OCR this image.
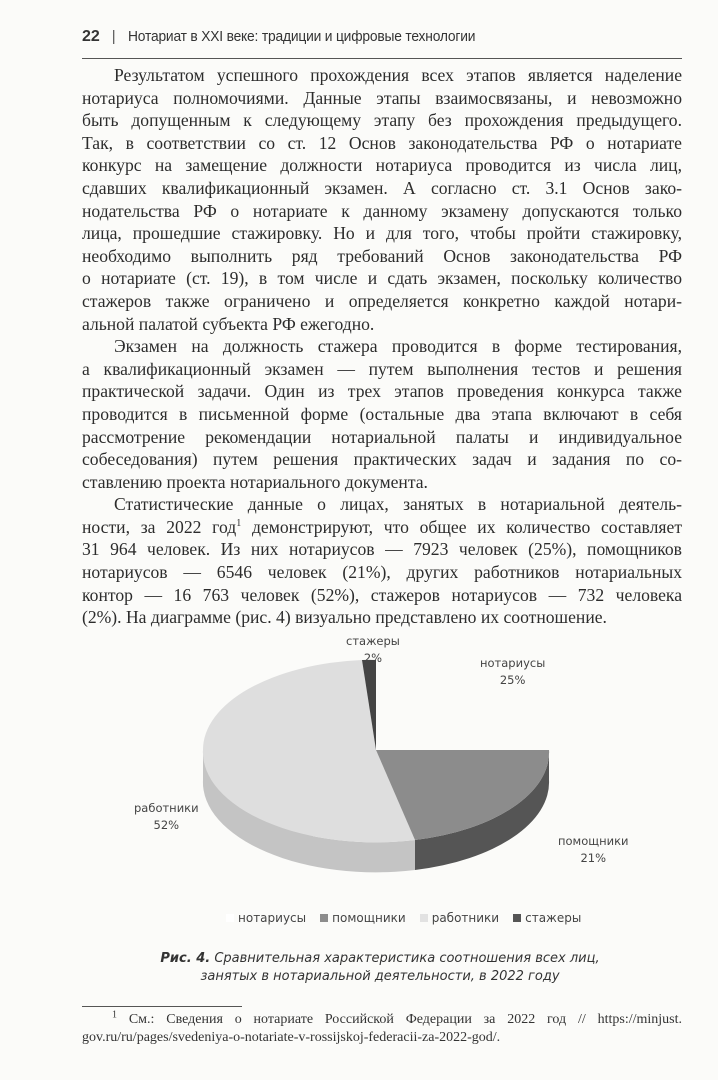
22 | Нотариат в XXI веке: традиции и цифровые технологии

Результатом успешного прохождения всех этапов является наделение
нотариуса полномочиями. Данные этапы взаимосвязаны, и невозможно
быть допущенным к следующему этапу без прохождения предыдущего.
Так, в соответствии со ст. 12 Основ законодательства РФ о нотариате
конкурс на замещение должности нотариуса проводится из числа лиц,
сдавших квалификационный экзамен. А согласно ст. 3.1 Основ зако-
нодательства РФ о нотариате к данному экзамену допускаются только
лица, прошедшие стажировку. Но и для того, чтобы пройти стажировку,
необходимо выполнить ряд требований Основ законодательства РФ
о нотариате (ст. 19), в том числе и сдать экзамен, поскольку количество
стажеров также ограничено и определяется конкретно каждой нотари-
альной палатой субъекта РФ ежегодно.

Экзамен на должность стажера проводится в форме тестирования,
а квалификационный экзамен — путем выполнения тестов и решения
практической задачи. Один из трех этапов проведения конкурса также
проводится в письменной форме (остальные два этапа включают в себя
рассмотрение рекомендации нотариальной палаты и индивидуальное
собеседования) путем решения практических задач и задания по со-
ставлению проекта нотариального документа.

Статистические данные о лицах, занятых в нотариальной деятель-
ности, за 2022 год$^1$ демонстрируют, что общее их количество составляет
31 964 человек. Из них нотариусов — 7923 человек (25%), помощников
нотариусов — 6546 человек (21%), других работников нотариальных
контор — 16 763 человек (52%), стажеров нотариусов — 732 человека
(2%). На диаграмме (рис. 4) визуально представлено их соотношение.

стажеры
2%	нотариусы
25%
работники
52%
помощники
21%
нотариусы помощники работники стажеры
Рис. 4. Сравнительная характеристика соотношения всех лиц,
занятых в нотариальной деятельности, в 2022 году
$^1$ См.: Сведения о нотариате Российской Федерации за 2022 год // https://minjust.
gov.ru/ru/pages/svedeniya-o-notariate-v-rossijskoj-federacii-za-2022-god/.
